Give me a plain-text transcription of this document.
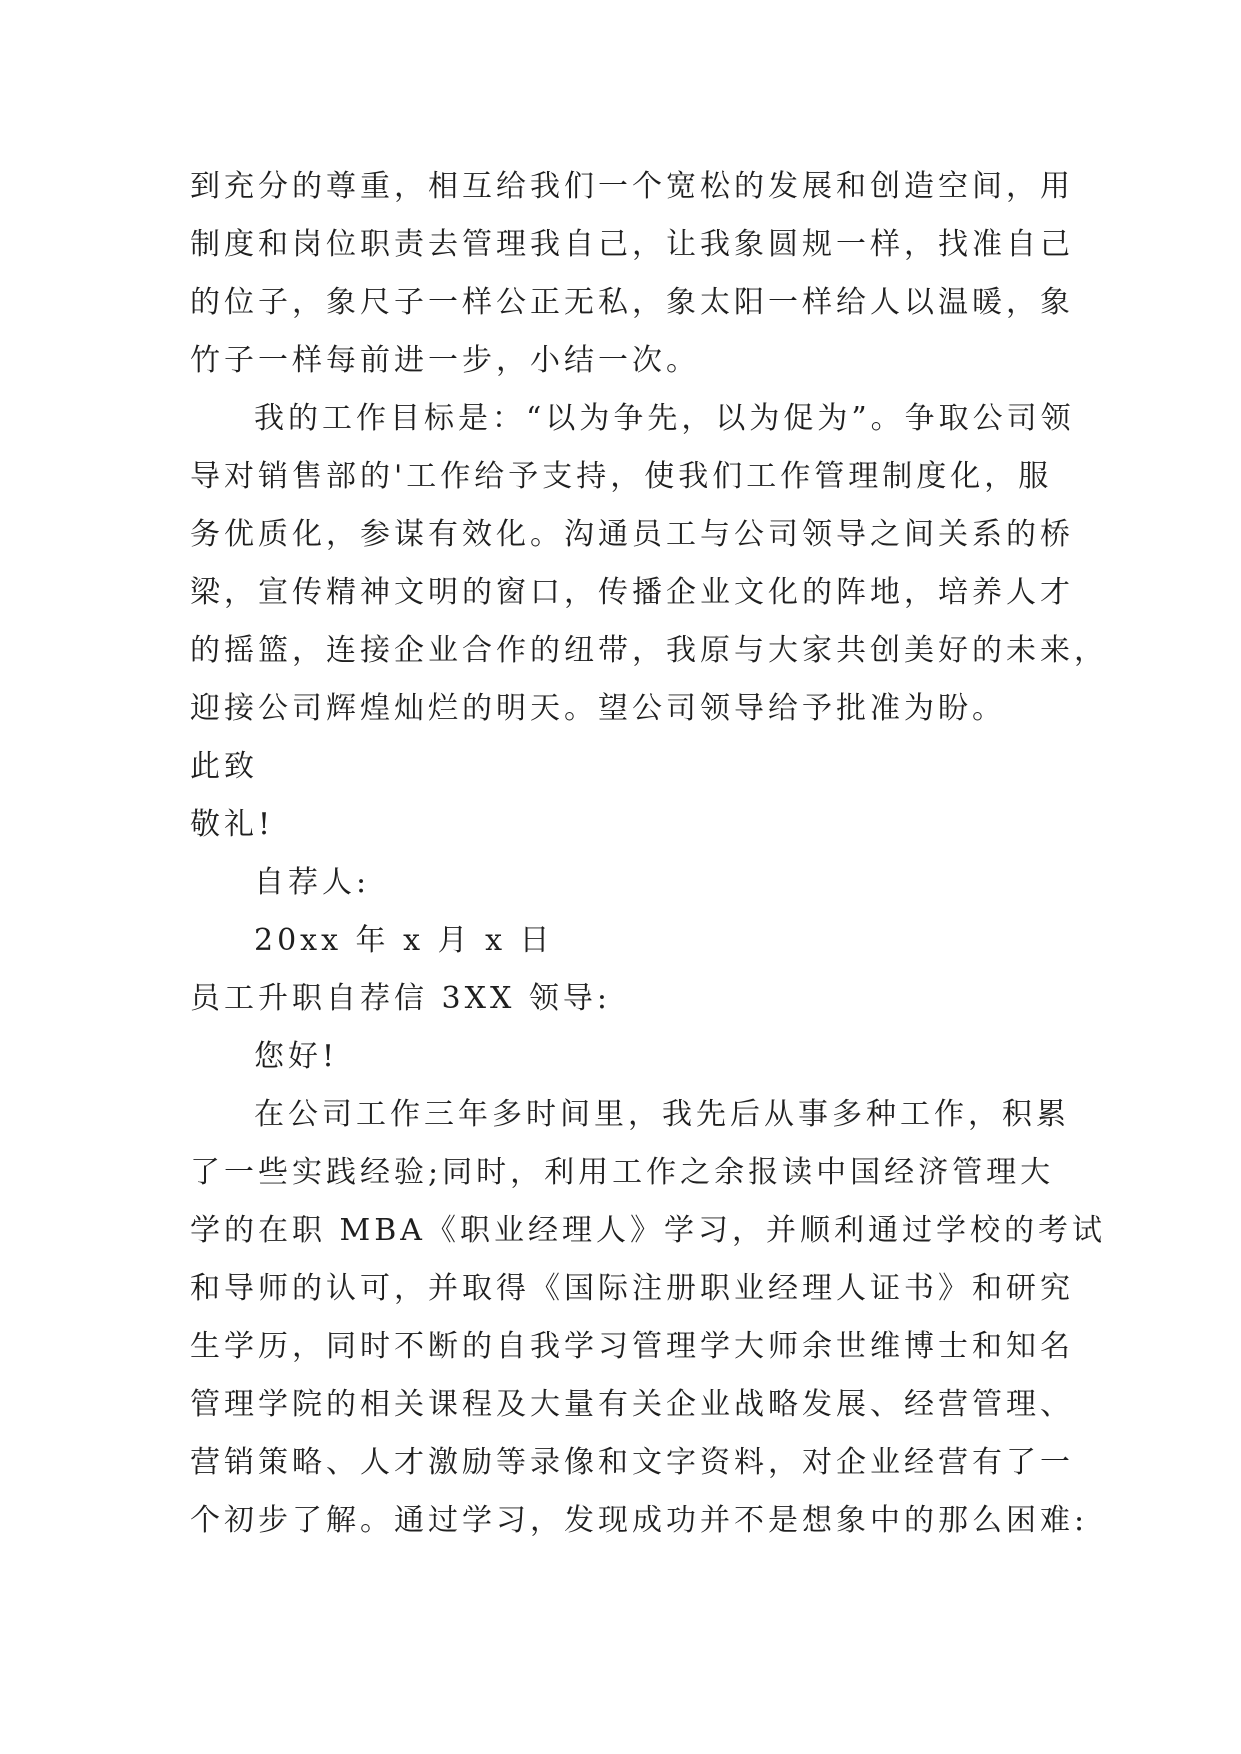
到充分的尊重，相互给我们一个宽松的发展和创造空间，用
制度和岗位职责去管理我自己，让我象圆规一样，找准自己
的位子，象尺子一样公正无私，象太阳一样给人以温暖，象
竹子一样每前进一步，小结一次。
我的工作目标是：“以为争先，以为促为”。争取公司领
导对销售部的'工作给予支持，使我们工作管理制度化，服
务优质化，参谋有效化。沟通员工与公司领导之间关系的桥
梁，宣传精神文明的窗口，传播企业文化的阵地，培养人才
的摇篮，连接企业合作的纽带，我原与大家共创美好的未来，
迎接公司辉煌灿烂的明天。望公司领导给予批准为盼。
此致
敬礼!
自荐人:
20xx 年 x 月 x 日
员工升职自荐信 3XX 领导:
您好!
在公司工作三年多时间里，我先后从事多种工作，积累
了一些实践经验;同时，利用工作之余报读中国经济管理大
学的在职 MBA《职业经理人》学习，并顺利通过学校的考试
和导师的认可，并取得《国际注册职业经理人证书》和研究
生学历，同时不断的自我学习管理学大师余世维博士和知名
管理学院的相关课程及大量有关企业战略发展、经营管理、
营销策略、人才激励等录像和文字资料，对企业经营有了一
个初步了解。通过学习，发现成功并不是想象中的那么困难:
